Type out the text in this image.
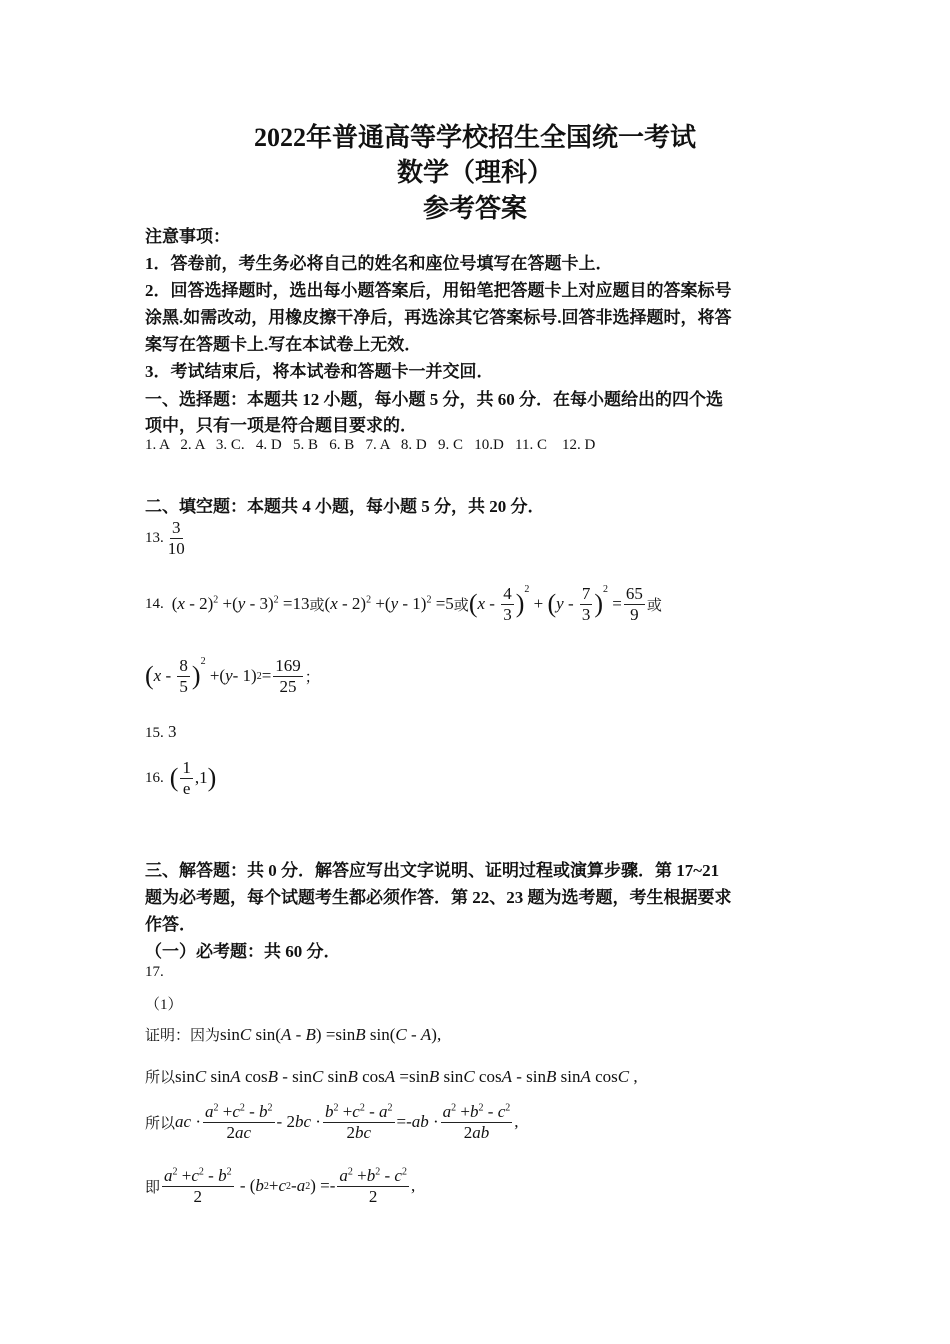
2022年普通高等学校招生全国统一考试
数学（理科）
参考答案
注意事项：
1．答卷前，考生务必将自己的姓名和座位号填写在答题卡上．
2．回答选择题时，选出每小题答案后，用铅笔把答题卡上对应题目的答案标号
涂黑.如需改动，用橡皮擦干净后，再选涂其它答案标号.回答非选择题时，将答
案写在答题卡上.写在本试卷上无效．
3．考试结束后，将本试卷和答题卡一并交回．
一、选择题：本题共 12 小题，每小题 5 分，共 60 分．在每小题给出的四个选
项中，只有一项是符合题目要求的．
1. A   2. A   3. C.   4. D   5. B   6. B   7. A   8. D   9. C   10.D   11. C    12. D
二、填空题：本题共 4 小题，每小题 5 分，共 20 分．
13. $\frac{3}{10}$
14. (x - 2)$^2$ +(y - 3)$^2$ =13 或 (x - 2)$^2$ +(y - 1)$^2$ =5 或 ( x - $\frac{4}{3}$ ) 2
+ ( y - $\frac{7}{3}$ ) 2
= $\frac{65}{9}$ 或
( x - $\frac{8}{5}$ ) 2
+( y - 1) $2 = \frac{169}{25}$ ；
15. 3
16. ( $\frac{1}{e} ,1$ )
三、解答题：共 0 分．解答应写出文字说明、证明过程或演算步骤．第 17~21
题为必考题，每个试题考生都必须作答．第 22、23 题为选考题，考生根据要求
作答．
（一）必考题：共 60 分．
17.
（1）
证明：因为sinC sin(A - B) =sinB sin(C - A),
所以sinC sinA cosB - sinC sinB cosA =sinB sinC cosA - sinB sinA cosC ,
所以 ac · $\frac{a^2 +c^2 - b^2}{2ac} - 2$ bc · $\frac{b^2 +c^2 - a^2}{2bc}$ =- ab · $\frac{a^2 +b^2 - c^2}{2ab}$ ,
即 $\frac{a^2 +c^2 - b^2}{2}$ - ( b 2 + c 2 - a 2 ) =- $\frac{a^2 +b^2 - c^2}{2}$ ,
